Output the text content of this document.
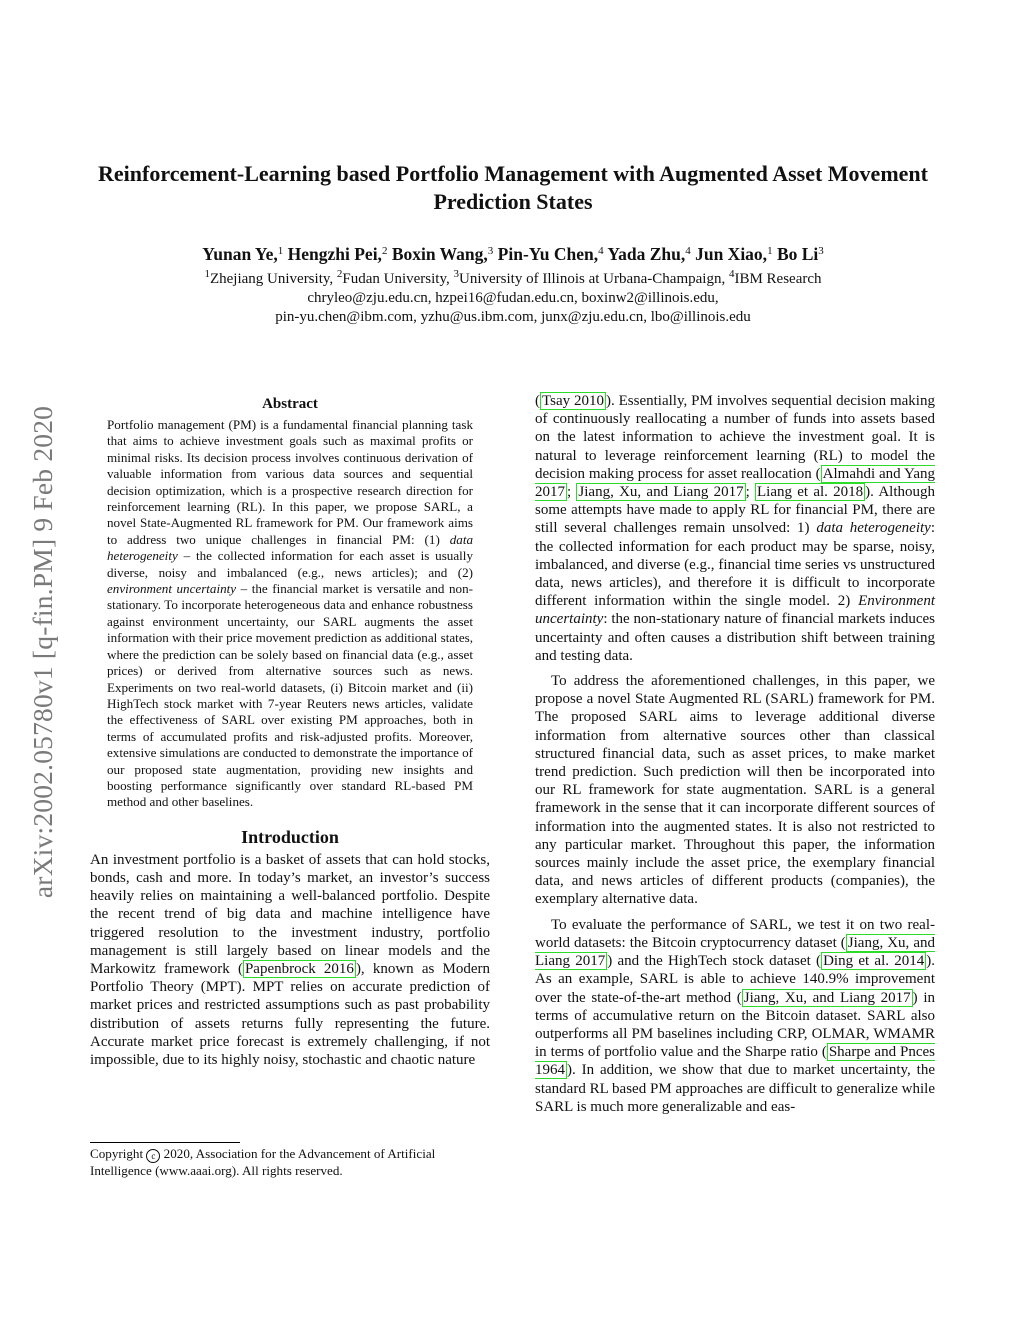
arXiv:2002.05780v1 [q-fin.PM] 9 Feb 2020
Reinforcement-Learning based Portfolio Management with Augmented Asset Movement Prediction States
Yunan Ye,$^1$ Hengzhi Pei,$^2$ Boxin Wang,$^3$ Pin-Yu Chen,$^4$ Yada Zhu,$^4$ Jun Xiao,$^1$ Bo Li$^3$
$^1$Zhejiang University, $^2$Fudan University, $^3$University of Illinois at Urbana-Champaign, $^4$IBM Research
chryleo@zju.edu.cn, hzpei16@fudan.edu.cn, boxinw2@illinois.edu,
pin-yu.chen@ibm.com, yzhu@us.ibm.com, junx@zju.edu.cn, lbo@illinois.edu
Abstract

Portfolio management (PM) is a fundamental financial planning task that aims to achieve investment goals such as maximal profits or minimal risks. Its decision process involves continuous derivation of valuable information from various data sources and sequential decision optimization, which is a prospective research direction for reinforcement learning (RL). In this paper, we propose SARL, a novel State-Augmented RL framework for PM. Our framework aims to address two unique challenges in financial PM: (1) data heterogeneity – the collected information for each asset is usually diverse, noisy and imbalanced (e.g., news articles); and (2) environment uncertainty – the financial market is versatile and non-stationary. To incorporate heterogeneous data and enhance robustness against environment uncertainty, our SARL augments the asset information with their price movement prediction as additional states, where the prediction can be solely based on financial data (e.g., asset prices) or derived from alternative sources such as news. Experiments on two real-world datasets, (i) Bitcoin market and (ii) HighTech stock market with 7-year Reuters news articles, validate the effectiveness of SARL over existing PM approaches, both in terms of accumulated profits and risk-adjusted profits. Moreover, extensive simulations are conducted to demonstrate the importance of our proposed state augmentation, providing new insights and boosting performance significantly over standard RL-based PM method and other baselines.

Introduction

An investment portfolio is a basket of assets that can hold stocks, bonds, cash and more. In today’s market, an investor’s success heavily relies on maintaining a well-balanced portfolio. Despite the recent trend of big data and machine intelligence have triggered resolution to the investment industry, portfolio management is still largely based on linear models and the Markowitz framework ( Papenbrock 2016 ), known as Modern Portfolio Theory (MPT). MPT relies on accurate prediction of market prices and restricted assumptions such as past probability distribution of assets returns fully representing the future. Accurate market price forecast is extremely challenging, if not impossible, due to its highly noisy, stochastic and chaotic nature

Copyright c 2020, Association for the Advancement of Artificial Intelligence (www.aaai.org). All rights reserved.

( Tsay 2010 ). Essentially, PM involves sequential decision making of continuously reallocating a number of funds into assets based on the latest information to achieve the investment goal. It is natural to leverage reinforcement learning (RL) to model the decision making process for asset reallocation ( Almahdi and Yang 2017 ; Jiang, Xu, and Liang 2017 ; Liang et al. 2018 ). Although some attempts have made to apply RL for financial PM, there are still several challenges remain unsolved: 1) data heterogeneity: the collected information for each product may be sparse, noisy, imbalanced, and diverse (e.g., financial time series vs unstructured data, news articles), and therefore it is difficult to incorporate different information within the single model. 2) Environment uncertainty: the non-stationary nature of financial markets induces uncertainty and often causes a distribution shift between training and testing data.

To address the aforementioned challenges, in this paper, we propose a novel State Augmented RL (SARL) framework for PM. The proposed SARL aims to leverage additional diverse information from alternative sources other than classical structured financial data, such as asset prices, to make market trend prediction. Such prediction will then be incorporated into our RL framework for state augmentation. SARL is a general framework in the sense that it can incorporate different sources of information into the augmented states. It is also not restricted to any particular market. Throughout this paper, the information sources mainly include the asset price, the exemplary financial data, and news articles of different products (companies), the exemplary alternative data.

To evaluate the performance of SARL, we test it on two real-world datasets: the Bitcoin cryptocurrency dataset ( Jiang, Xu, and Liang 2017 ) and the HighTech stock dataset ( Ding et al. 2014 ). As an example, SARL is able to achieve 140.9% improvement over the state-of-the-art method ( Jiang, Xu, and Liang 2017 ) in terms of accumulative return on the Bitcoin dataset. SARL also outperforms all PM baselines including CRP, OLMAR, WMAMR in terms of portfolio value and the Sharpe ratio ( Sharpe and Pnces 1964 ). In addition, we show that due to market uncertainty, the standard RL based PM approaches are difficult to generalize while SARL is much more generalizable and eas-
